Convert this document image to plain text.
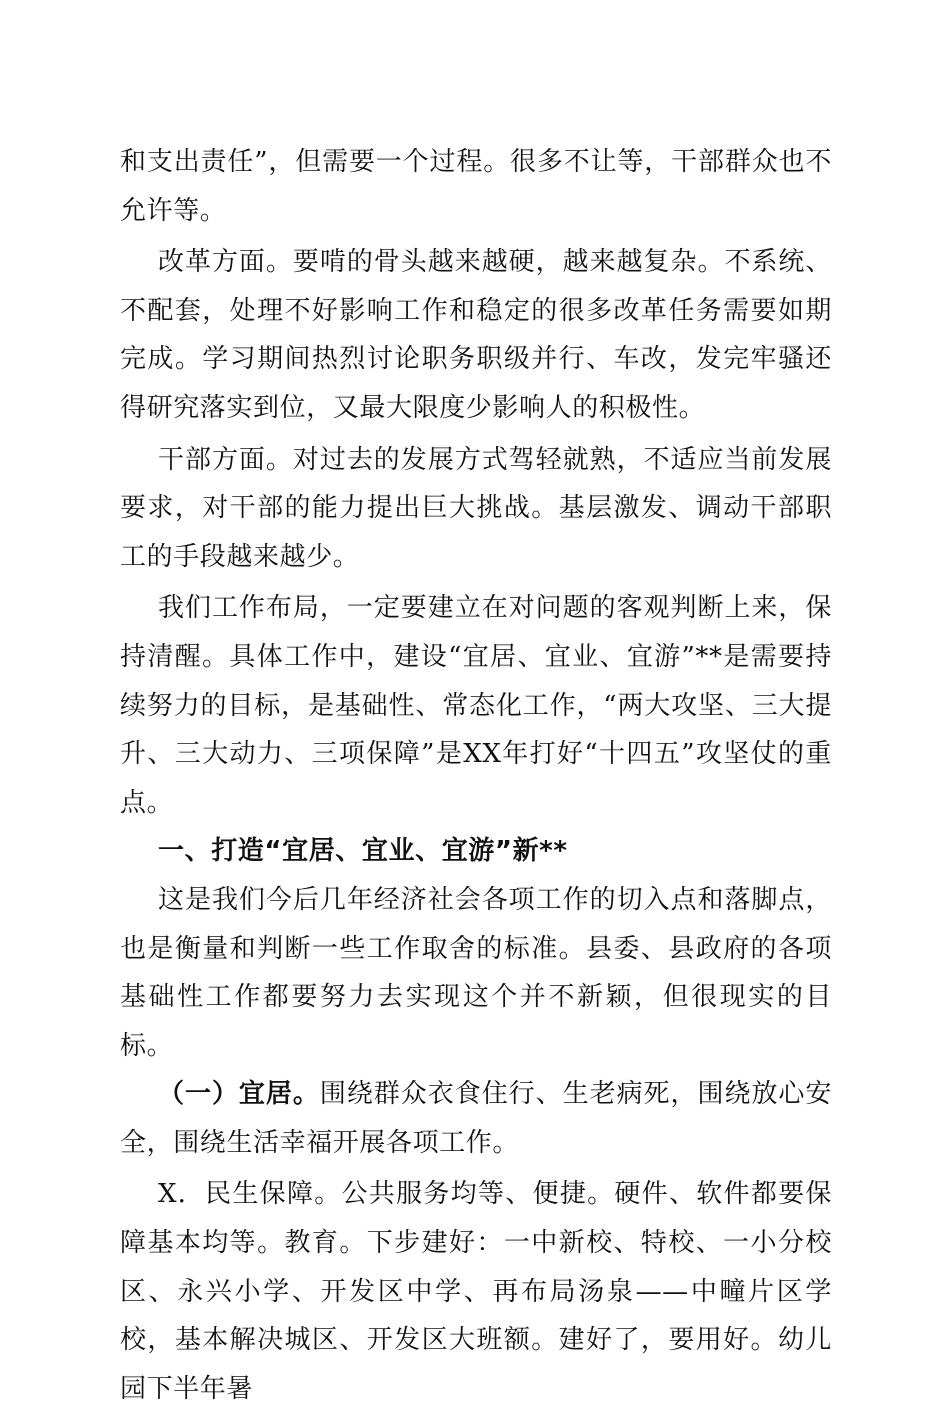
和支出责任”，但需要一个过程。很多不让等，干部群众也不允许等。

改革方面。要啃的骨头越来越硬，越来越复杂。不系统、不配套，处理不好影响工作和稳定的很多改革任务需要如期完成。学习期间热烈讨论职务职级并行、车改，发完牢骚还得研究落实到位，又最大限度少影响人的积极性。

干部方面。对过去的发展方式驾轻就熟，不适应当前发展要求，对干部的能力提出巨大挑战。基层激发、调动干部职工的手段越来越少。

我们工作布局，一定要建立在对问题的客观判断上来，保持清醒。具体工作中，建设“宜居、宜业、宜游”**是需要持续努力的目标，是基础性、常态化工作，“两大攻坚、三大提升、三大动力、三项保障”是XX年打好“十四五”攻坚仗的重点。

一、打造“宜居、宜业、宜游”新**

这是我们今后几年经济社会各项工作的切入点和落脚点，也是衡量和判断一些工作取舍的标准。县委、县政府的各项基础性工作都要努力去实现这个并不新颖，但很现实的目标。

（一）宜居。围绕群众衣食住行、生老病死，围绕放心安全，围绕生活幸福开展各项工作。

X．民生保障。公共服务均等、便捷。硬件、软件都要保障基本均等。教育。下步建好：一中新校、特校、一小分校区、永兴小学、开发区中学、再布局汤泉——中疃片区学校，基本解决城区、开发区大班额。建好了，要用好。幼儿园下半年暑
